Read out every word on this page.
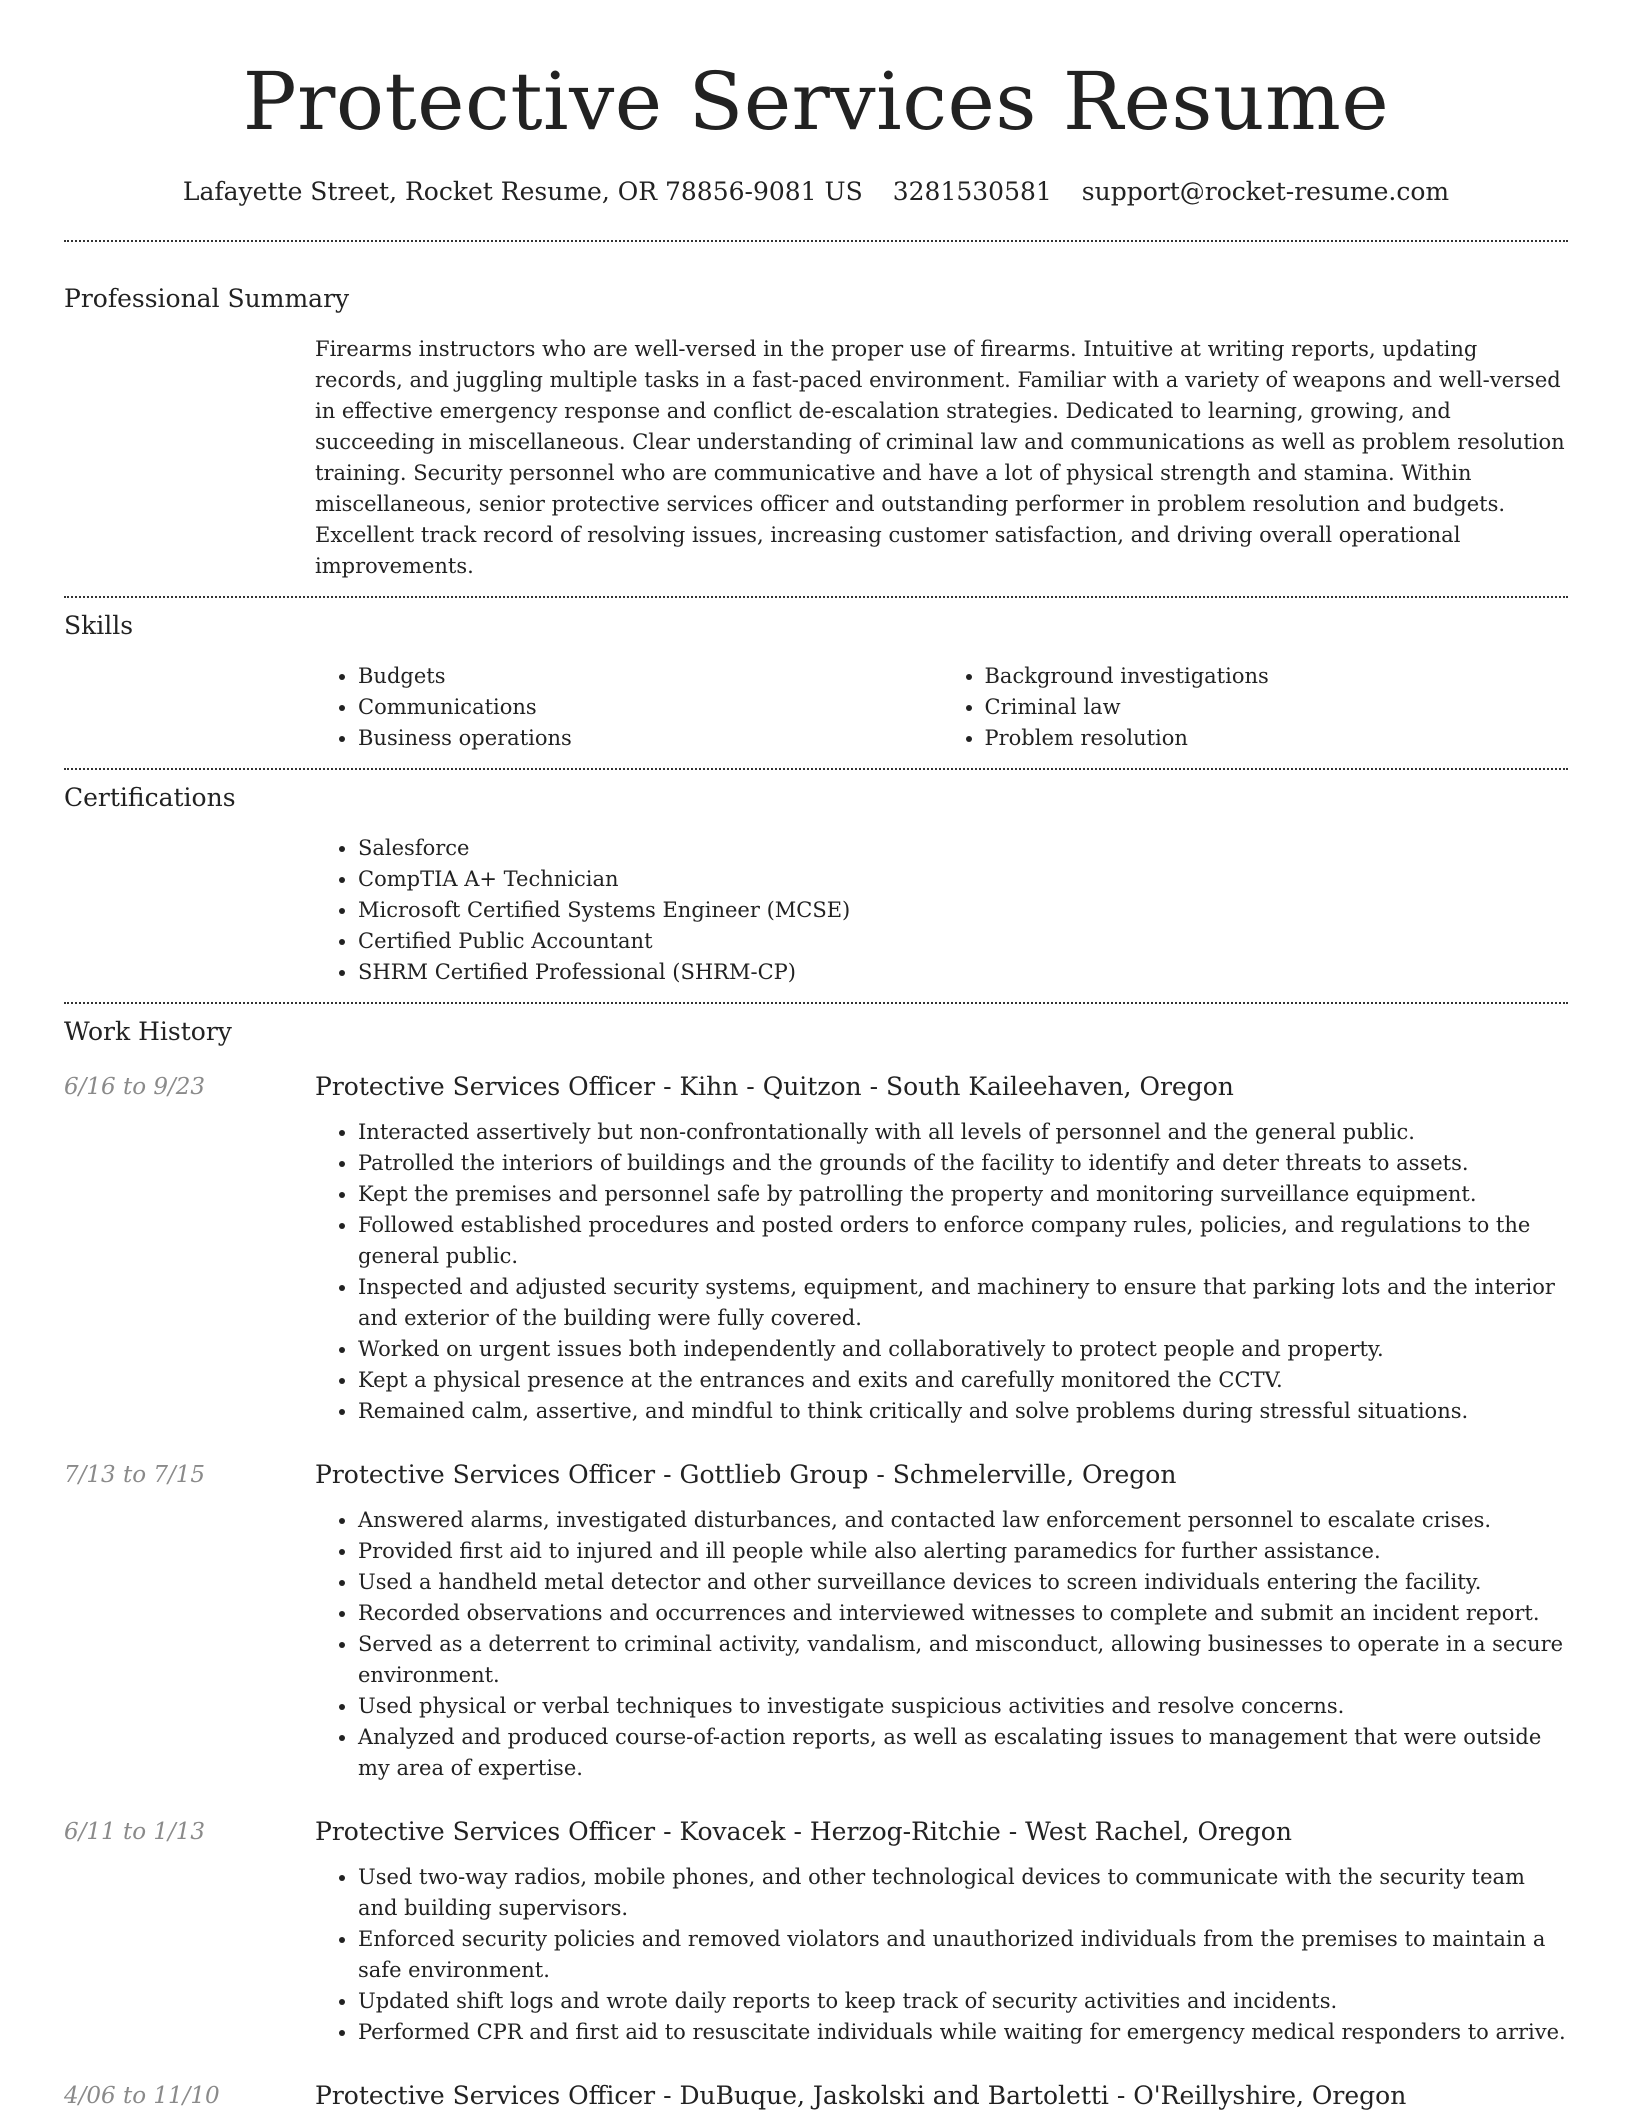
Protective Services Resume
Lafayette Street, Rocket Resume, OR 78856-9081 US 3281530581 support@rocket-resume.com
Professional Summary

Firearms instructors who are well-versed in the proper use of firearms. Intuitive at writing reports, updating records, and juggling multiple tasks in a fast-paced environment. Familiar with a variety of weapons and well-versed in effective emergency response and conflict de-escalation strategies. Dedicated to learning, growing, and succeeding in miscellaneous. Clear understanding of criminal law and communications as well as problem resolution training. Security personnel who are communicative and have a lot of physical strength and stamina. Within miscellaneous, senior protective services officer and outstanding performer in problem resolution and budgets. Excellent track record of resolving issues, increasing customer satisfaction, and driving overall operational improvements.

Skills
• Budgets
• Communications
• Business operations
• Background investigations
• Criminal law
• Problem resolution
Certifications
• Salesforce
• CompTIA A+ Technician
• Microsoft Certified Systems Engineer (MCSE)
• Certified Public Accountant
• SHRM Certified Professional (SHRM-CP)
Work History
6/16 to 9/23	Protective Services Officer - Kihn - Quitzon - South Kaileehaven, Oregon
• Interacted assertively but non-confrontationally with all levels of personnel and the general public.
• Patrolled the interiors of buildings and the grounds of the facility to identify and deter threats to assets.
• Kept the premises and personnel safe by patrolling the property and monitoring surveillance equipment.
• Followed established procedures and posted orders to enforce company rules, policies, and regulations to the general public.
• Inspected and adjusted security systems, equipment, and machinery to ensure that parking lots and the interior and exterior of the building were fully covered.
• Worked on urgent issues both independently and collaboratively to protect people and property.
• Kept a physical presence at the entrances and exits and carefully monitored the CCTV.
• Remained calm, assertive, and mindful to think critically and solve problems during stressful situations.
7/13 to 7/15	Protective Services Officer - Gottlieb Group - Schmelerville, Oregon
• Answered alarms, investigated disturbances, and contacted law enforcement personnel to escalate crises.
• Provided first aid to injured and ill people while also alerting paramedics for further assistance.
• Used a handheld metal detector and other surveillance devices to screen individuals entering the facility.
• Recorded observations and occurrences and interviewed witnesses to complete and submit an incident report.
• Served as a deterrent to criminal activity, vandalism, and misconduct, allowing businesses to operate in a secure environment.
• Used physical or verbal techniques to investigate suspicious activities and resolve concerns.
• Analyzed and produced course-of-action reports, as well as escalating issues to management that were outside my area of expertise.
6/11 to 1/13	Protective Services Officer - Kovacek - Herzog-Ritchie - West Rachel, Oregon
• Used two-way radios, mobile phones, and other technological devices to communicate with the security team and building supervisors.
• Enforced security policies and removed violators and unauthorized individuals from the premises to maintain a safe environment.
• Updated shift logs and wrote daily reports to keep track of security activities and incidents.
• Performed CPR and first aid to resuscitate individuals while waiting for emergency medical responders to arrive.
4/06 to 11/10	Protective Services Officer - DuBuque, Jaskolski and Bartoletti - O'Reillyshire, Oregon
